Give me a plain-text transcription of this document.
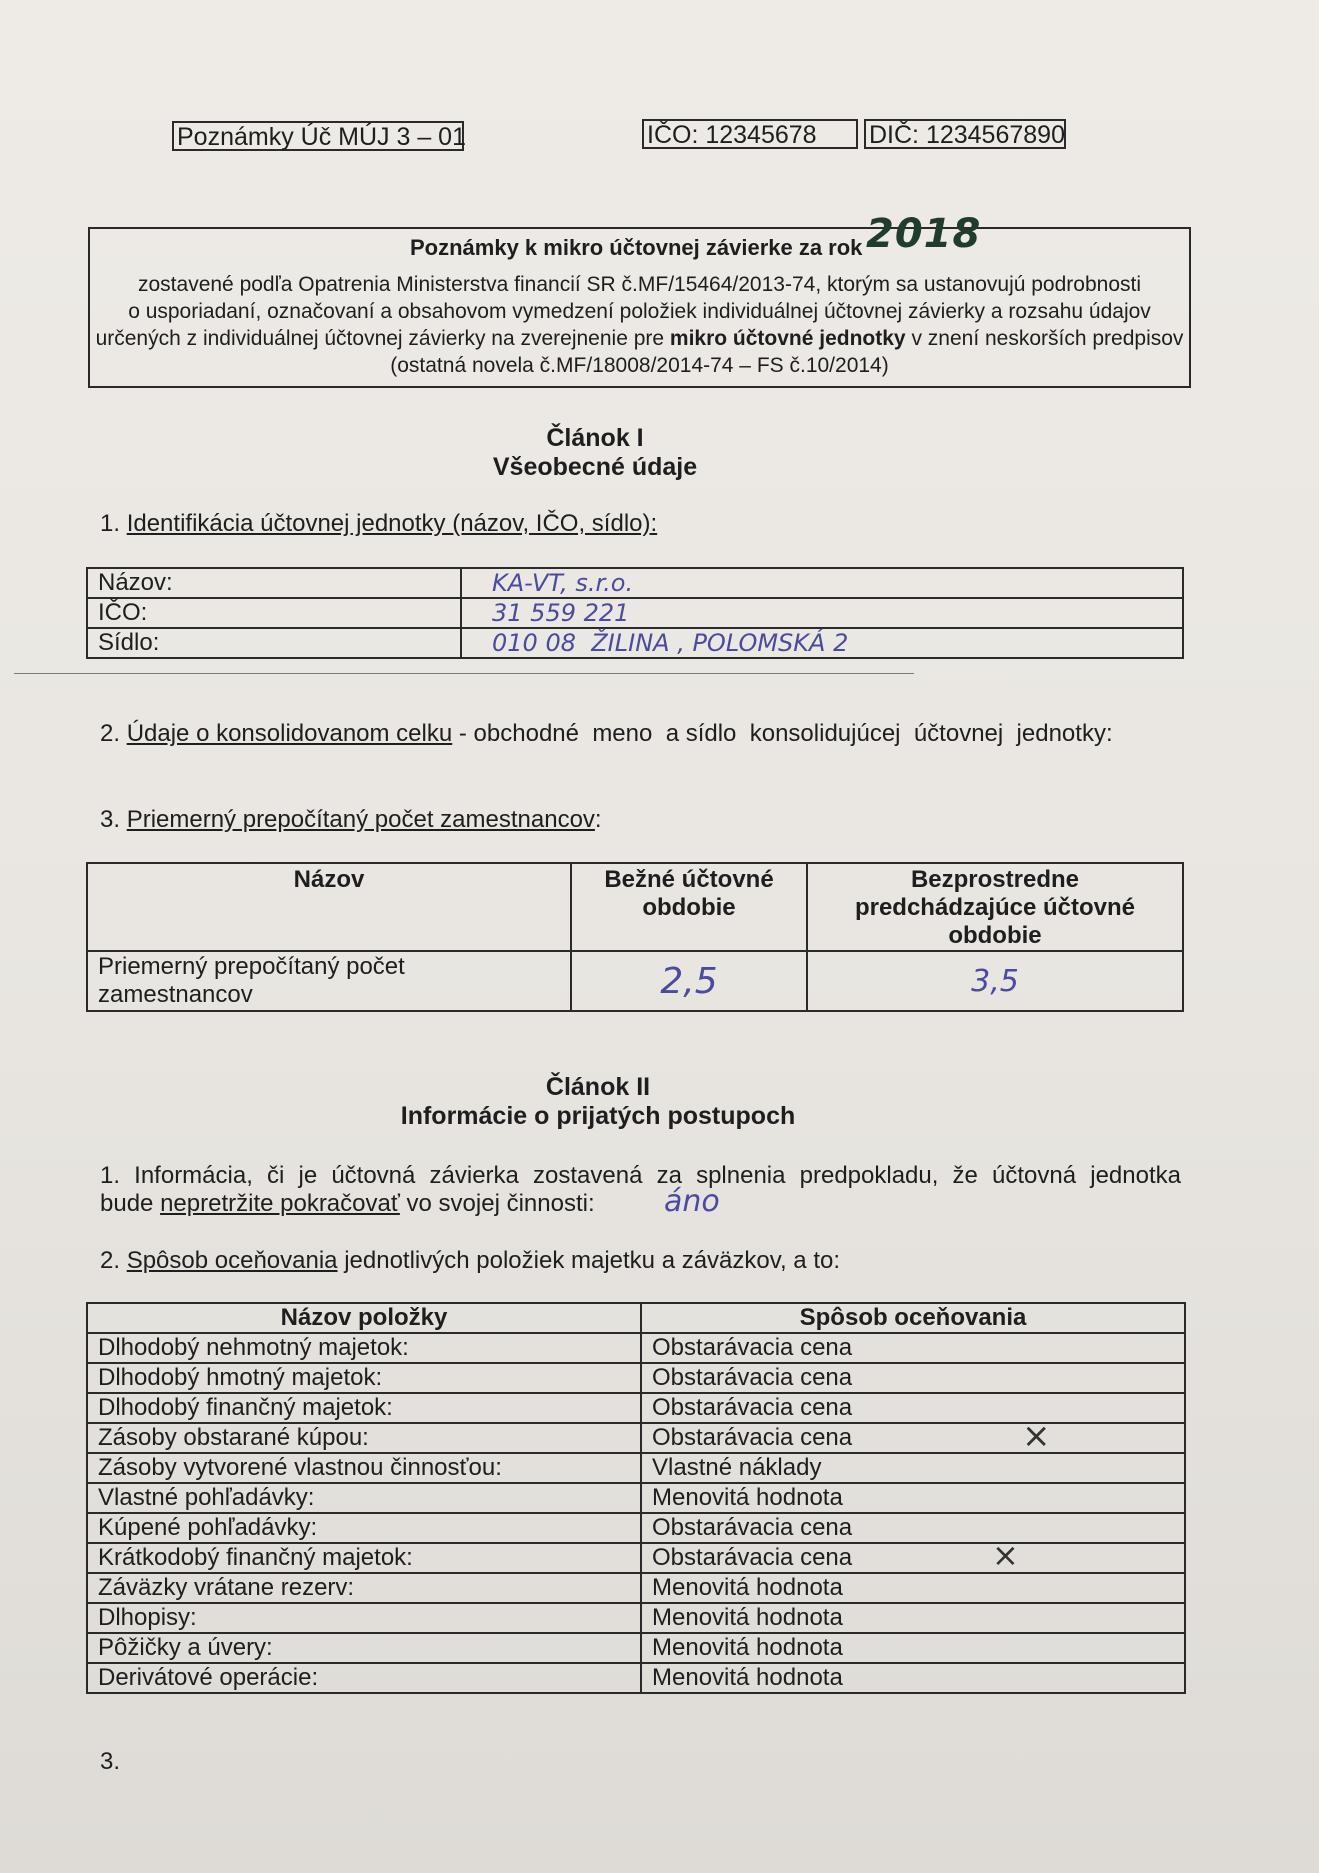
Poznámky Úč MÚJ 3 – 01	IČO: 12345678	DIČ: 1234567890
Poznámky k mikro účtovnej závierke za rok 2018
zostavené podľa Opatrenia Ministerstva financií SR č.MF/15464/2013-74, ktorým sa ustanovujú podrobnosti
o usporiadaní, označovaní a obsahovom vymedzení položiek individuálnej účtovnej závierky a rozsahu údajov
určených z individuálnej účtovnej závierky na zverejnenie pre mikro účtovné jednotky v znení neskorších predpisov
(ostatná novela č.MF/18008/2014-74 – FS č.10/2014)
Článok I
Všeobecné údaje
1. Identifikácia účtovnej jednotky (názov, IČO, sídlo):
Názov:	KA-VT, s.r.o.
IČO:	31 559 221
Sídlo:	010 08  ŽILINA , POLOMSKÁ 2
2. Údaje o konsolidovanom celku - obchodné  meno  a sídlo  konsolidujúcej  účtovnej  jednotky:
3. Priemerný prepočítaný počet zamestnancov:
Názov	Bežné účtovné obdobie	Bezprostredne predchádzajúce účtovné obdobie
Priemerný prepočítaný počet zamestnancov	2,5	3,5
Článok II
Informácie o prijatých postupoch
1. Informácia, či je účtovná závierka zostavená za splnenia predpokladu, že účtovná jednotka
bude nepretržite pokračovať vo svojej činnosti: áno
2. Spôsob oceňovania jednotlivých položiek majetku a záväzkov, a to:
Názov položky	Spôsob oceňovania
Dlhodobý nehmotný majetok:	Obstarávacia cena
Dlhodobý hmotný majetok:	Obstarávacia cena
Dlhodobý finančný majetok:	Obstarávacia cena
Zásoby obstarané kúpou:	Obstarávacia cena ×

Zásoby vytvorené vlastnou činnosťou:	Vlastné náklady
Vlastné pohľadávky:	Menovitá hodnota
Kúpené pohľadávky:	Obstarávacia cena
Krátkodobý finančný majetok:	Obstarávacia cena ×

Záväzky vrátane rezerv:	Menovitá hodnota
Dlhopisy:	Menovitá hodnota
Pôžičky a úvery:	Menovitá hodnota
Derivátové operácie:	Menovitá hodnota
3.
